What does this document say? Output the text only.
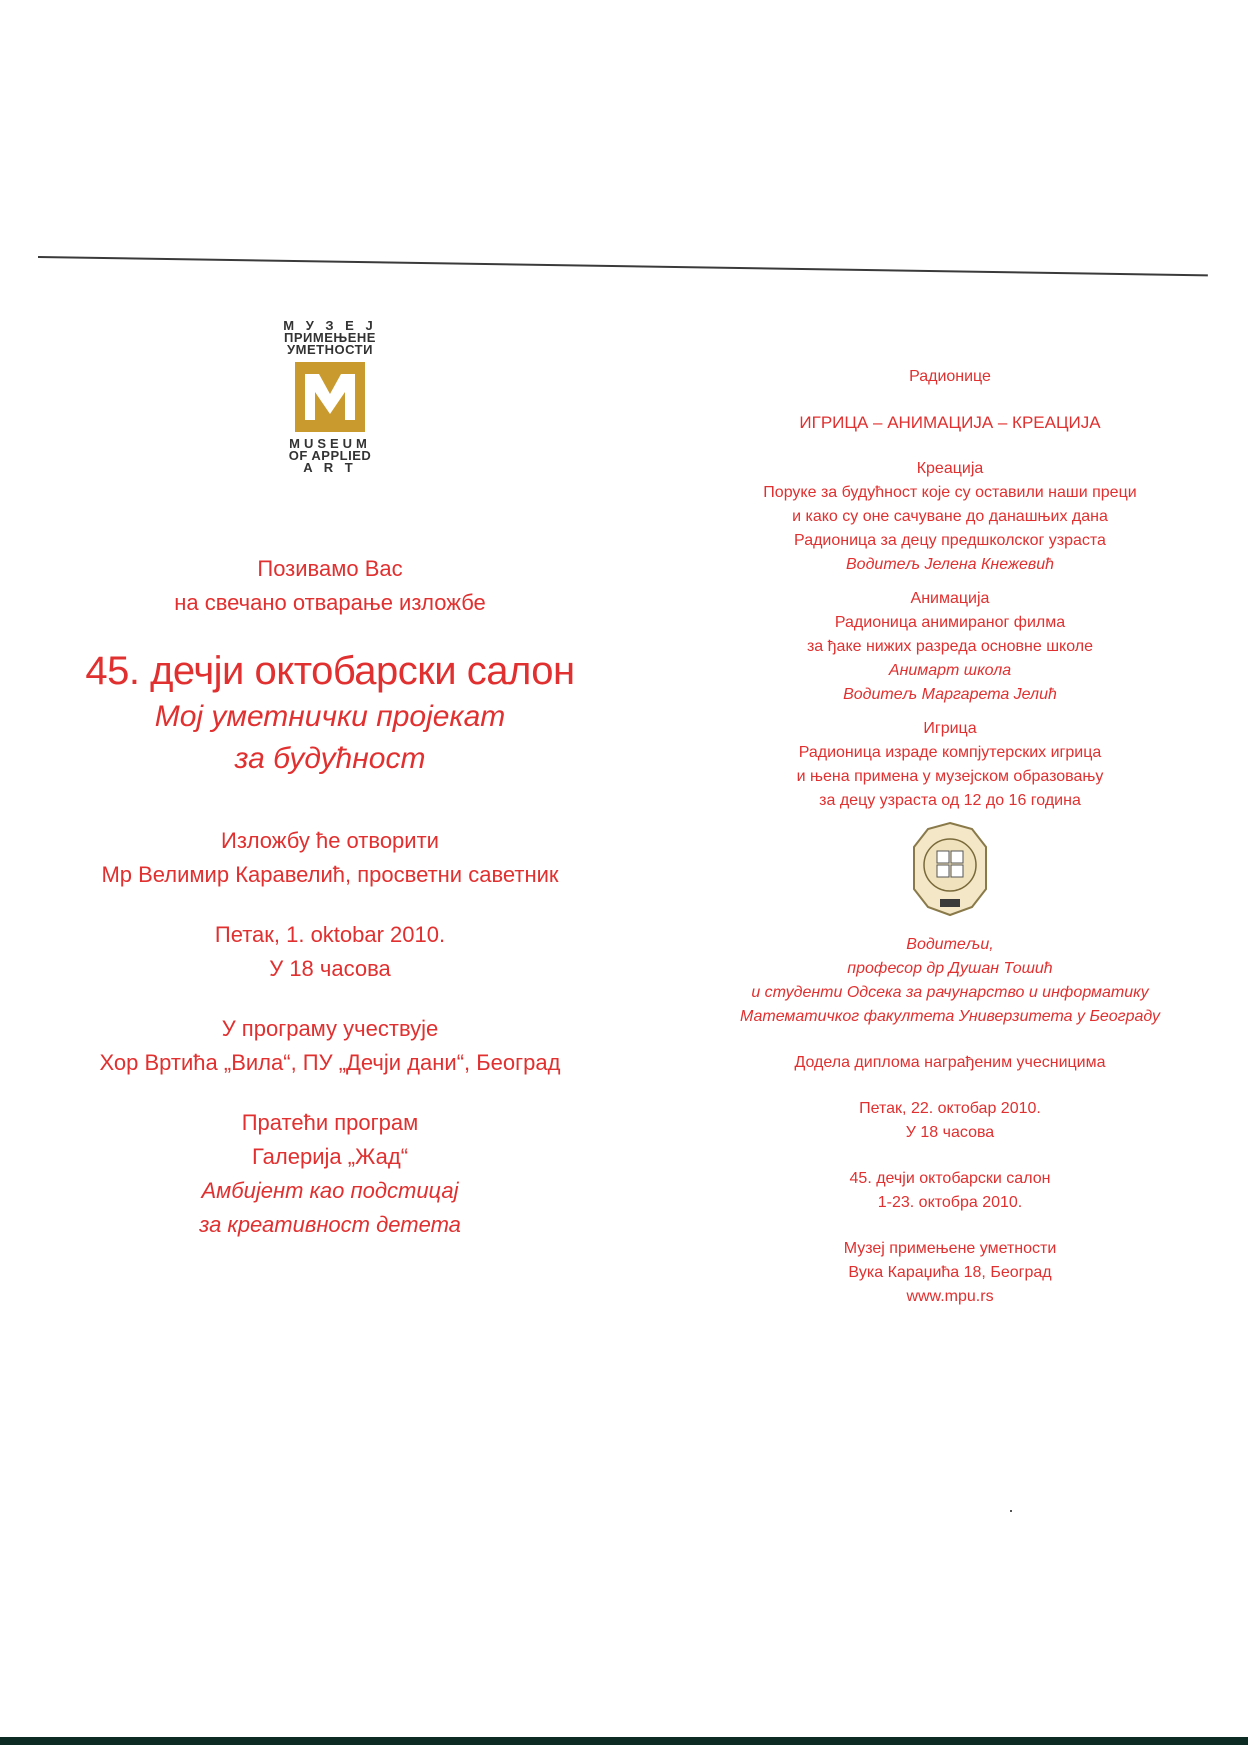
М У З Е Ј
ПРИМЕЊЕНЕ
УМЕТНОСТИ
MUSEUM
OF APPLIED
A R T
Позивамо Вас
на свечано отварање изложбе
45. дечји октобарски салон
Мој уметнички пројекат
за будућност
Изложбу ће отворити
Мр Велимир Каравелић, просветни саветник
Петак, 1. oktobar 2010.
У 18 часова
У програму учествује
Хор Вртића „Вила“, ПУ „Дечји дани“, Београд
Пратећи програм
Галерија „Жад“
Амбијент као подстицај
за креативност детета
Радионице
ИГРИЦА – АНИМАЦИЈА – КРЕАЦИЈА
Креација
Поруке за будућност које су оставили наши преци
и како су оне сачуване до данашњих дана
Радионица за децу предшколског узраста
Водитељ Јелена Кнежевић
Анимација
Радионица анимираног филма
за ђаке нижих разреда основне школе
Анимарт школа
Водитељ Маргарета Јелић
Игрица
Радионица израде компјутерских игрица
и њена примена у музејском образовању
за децу узраста од 12 до 16 година
Водитељи,
професор др Душан Тошић
и студенти Одсека за рачунарство и информатику
Математичког факултета Универзитета у Београду
Додела диплома награђеним учесницима
Петак, 22. октобар 2010.
У 18 часова
45. дечји октобарски салон
1-23. октобра 2010.
Музеј примењене уметности
Вука Караџића 18, Београд
www.mpu.rs
